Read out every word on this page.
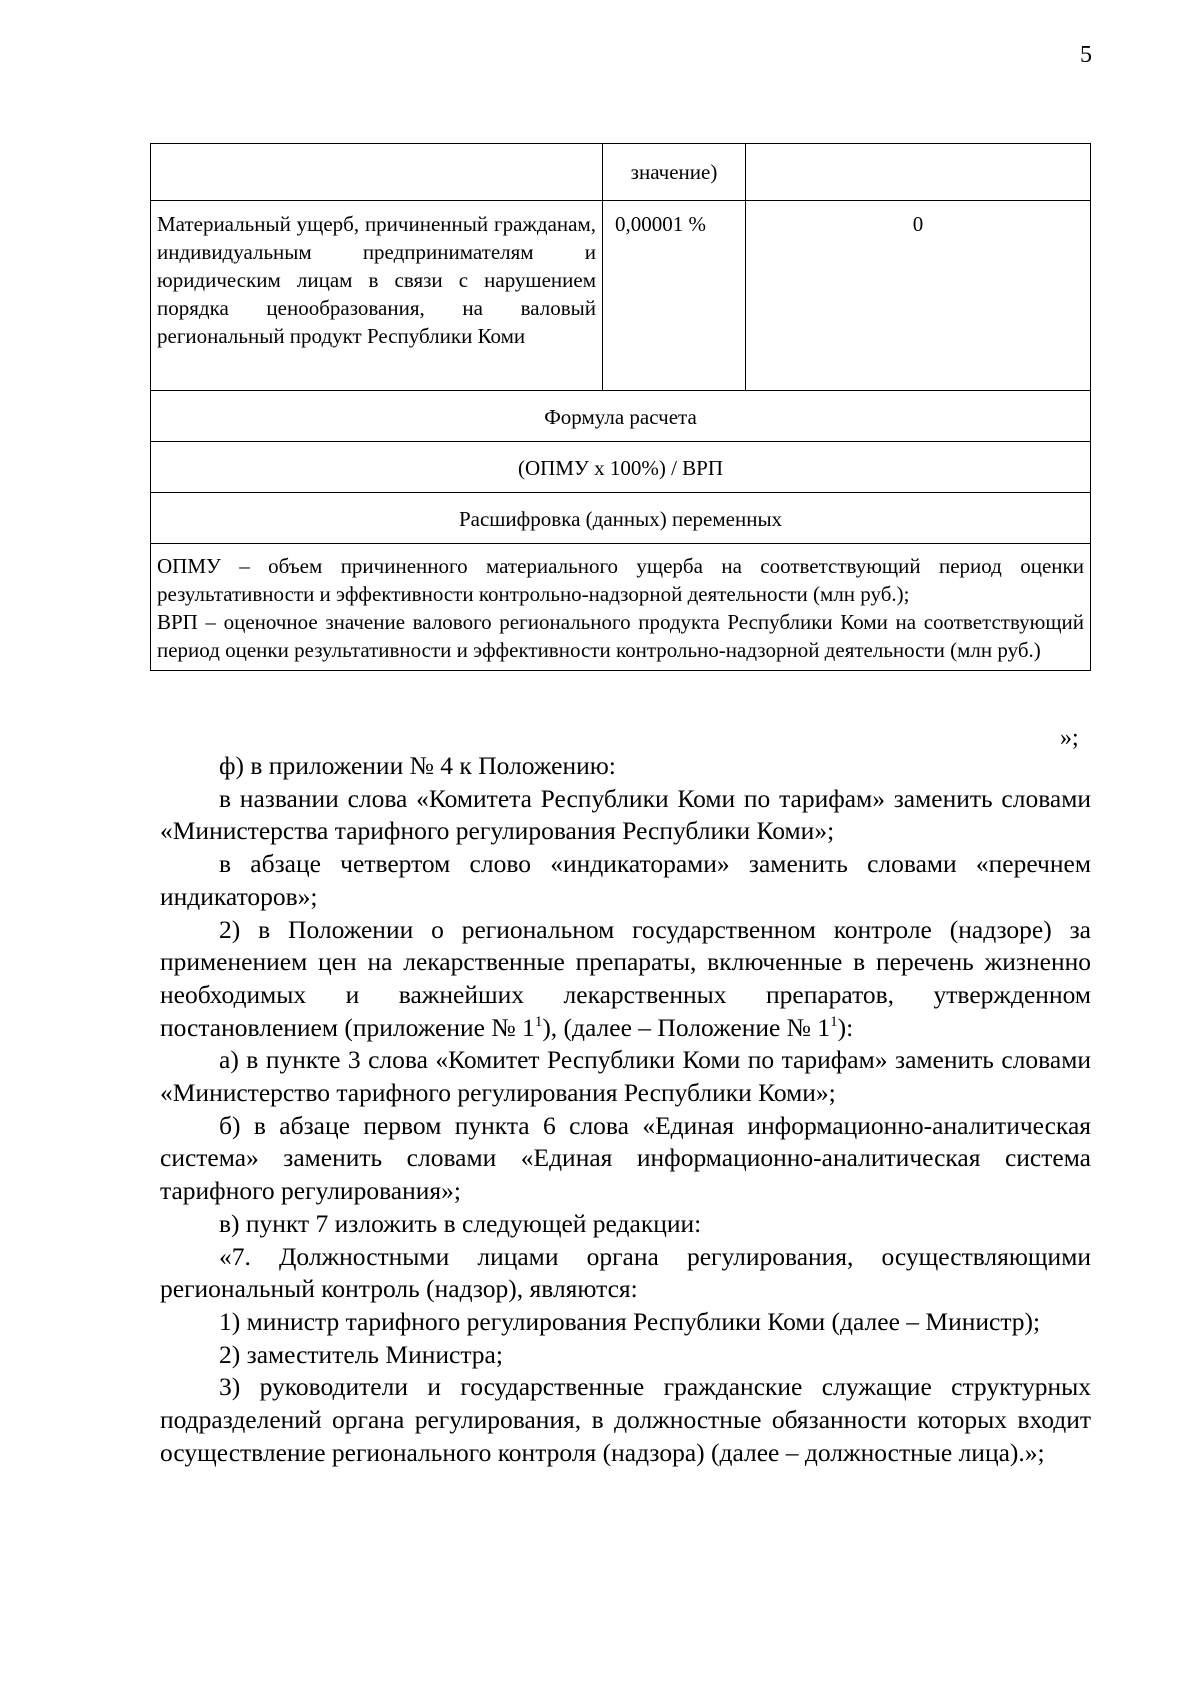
5
	значение)	
Материальный ущерб, причиненный гражданам, индивидуальным предпринимателям и юридическим лицам в связи с нарушением порядка ценообразования, на валовый региональный продукт Республики Коми	0,00001 %	0
Формула расчета		
(ОПМУ х 100%) / ВРП		
Расшифровка (данных) переменных		

ОПМУ – объем причиненного материального ущерба на соответствующий период оценки результативности и эффективности контрольно-надзорной деятельности (млн руб.);

ВРП – оценочное значение валового регионального продукта Республики Коми на соответствующий период оценки результативности и эффективности контрольно-надзорной деятельности (млн руб.)		

»;

ф) в приложении № 4 к Положению:

в названии слова «Комитета Республики Коми по тарифам» заменить словами «Министерства тарифного регулирования Республики Коми»;

в абзаце четвертом слово «индикаторами» заменить словами «перечнем индикаторов»;

2) в Положении о региональном государственном контроле (надзоре) за применением цен на лекарственные препараты, включенные в перечень жизненно необходимых и важнейших лекарственных препаратов, утвержденном постановлением (приложение № $1^1$), (далее – Положение № $1^1$):

а) в пункте 3 слова «Комитет Республики Коми по тарифам» заменить словами «Министерство тарифного регулирования Республики Коми»;

б) в абзаце первом пункта 6 слова «Единая информационно-аналитическая система» заменить словами «Единая информационно-аналитическая система тарифного регулирования»;

в) пункт 7 изложить в следующей редакции:

«7. Должностными лицами органа регулирования, осуществляющими региональный контроль (надзор), являются:

1) министр тарифного регулирования Республики Коми (далее – Министр);

2) заместитель Министра;

3) руководители и государственные гражданские служащие структурных подразделений органа регулирования, в должностные обязанности которых входит осуществление регионального контроля (надзора) (далее – должностные лица).»;
